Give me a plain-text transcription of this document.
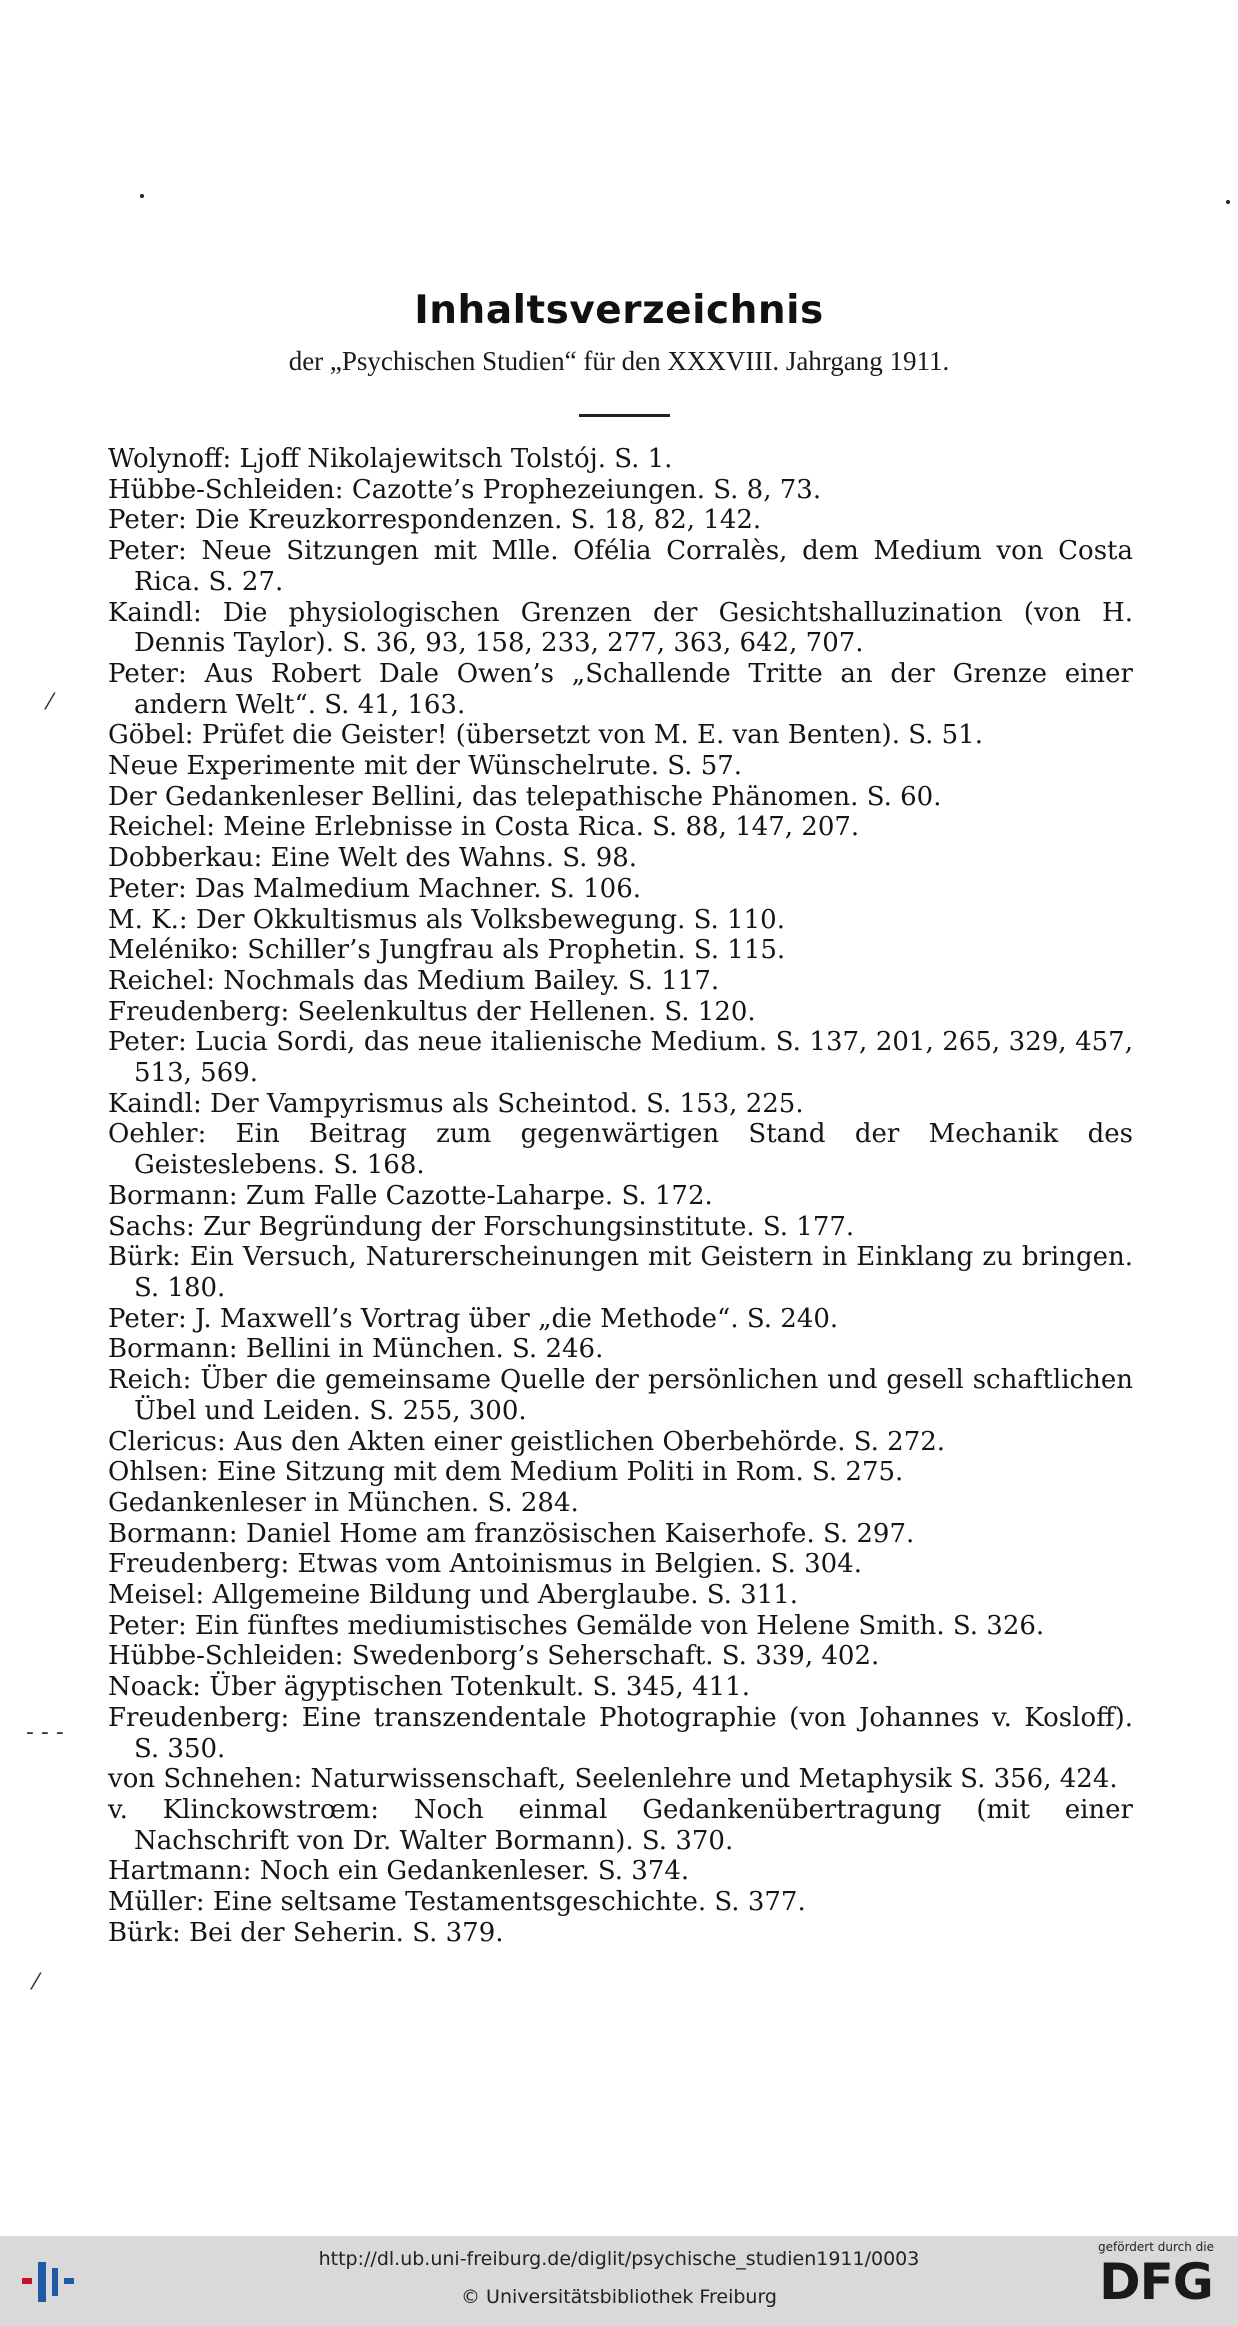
Inhaltsverzeichnis
der „Psychischen Studien“ für den XXXVIII. Jahrgang 1911.
Wolynoff: Ljoff Nikolajewitsch Tolstój. S. 1.
Hübbe-Schleiden: Cazotte’s Prophezeiungen. S. 8, 73.
Peter: Die Kreuzkorrespondenzen. S. 18, 82, 142.
Peter: Neue Sitzungen mit Mlle. Ofélia Corralès, dem Medium von Costa Rica. S. 27.
Kaindl: Die physiologischen Grenzen der Gesichtshalluzination (von H. Dennis Taylor). S. 36, 93, 158, 233, 277, 363, 642, 707.
Peter: Aus Robert Dale Owen’s „Schallende Tritte an der Grenze einer andern Welt“. S. 41, 163.
Göbel: Prüfet die Geister! (übersetzt von M. E. van Benten). S. 51.
Neue Experimente mit der Wünschelrute. S. 57.
Der Gedankenleser Bellini, das telepathische Phänomen. S. 60.
Reichel: Meine Erlebnisse in Costa Rica. S. 88, 147, 207.
Dobberkau: Eine Welt des Wahns. S. 98.
Peter: Das Malmedium Machner. S. 106.
M. K.: Der Okkultismus als Volksbewegung. S. 110.
Meléniko: Schiller’s Jungfrau als Prophetin. S. 115.
Reichel: Nochmals das Medium Bailey. S. 117.
Freudenberg: Seelenkultus der Hellenen. S. 120.
Peter: Lucia Sordi, das neue italienische Medium. S. 137, 201, 265, 329, 457, 513, 569.
Kaindl: Der Vampyrismus als Scheintod. S. 153, 225.
Oehler: Ein Beitrag zum gegenwärtigen Stand der Mechanik des Geisteslebens. S. 168.
Bormann: Zum Falle Cazotte-Laharpe. S. 172.
Sachs: Zur Begründung der Forschungsinstitute. S. 177.
Bürk: Ein Versuch, Naturerscheinungen mit Geistern in Einklang zu bringen. S. 180.
Peter: J. Maxwell’s Vortrag über „die Methode“. S. 240.
Bormann: Bellini in München. S. 246.
Reich: Über die gemeinsame Quelle der persönlichen und gesell schaftlichen Übel und Leiden. S. 255, 300.
Clericus: Aus den Akten einer geistlichen Oberbehörde. S. 272.
Ohlsen: Eine Sitzung mit dem Medium Politi in Rom. S. 275.
Gedankenleser in München. S. 284.
Bormann: Daniel Home am französischen Kaiserhofe. S. 297.
Freudenberg: Etwas vom Antoinismus in Belgien. S. 304.
Meisel: Allgemeine Bildung und Aberglaube. S. 311.
Peter: Ein fünftes mediumistisches Gemälde von Helene Smith. S. 326.
Hübbe-Schleiden: Swedenborg’s Seherschaft. S. 339, 402.
Noack: Über ägyptischen Totenkult. S. 345, 411.
Freudenberg: Eine transzendentale Photographie (von Johannes v. Kosloff). S. 350.
von Schnehen: Naturwissenschaft, Seelenlehre und Metaphysik S. 356, 424.
v. Klinckowstrœm: Noch einmal Gedankenübertragung (mit einer Nachschrift von Dr. Walter Bormann). S. 370.
Hartmann: Noch ein Gedankenleser. S. 374.
Müller: Eine seltsame Testamentsgeschichte. S. 377.
Bürk: Bei der Seherin. S. 379.
⁄
- - -
⁄
http://dl.ub.uni-freiburg.de/diglit/psychische_studien1911/0003
© Universitätsbibliothek Freiburg
gefördert durch die
DFG
